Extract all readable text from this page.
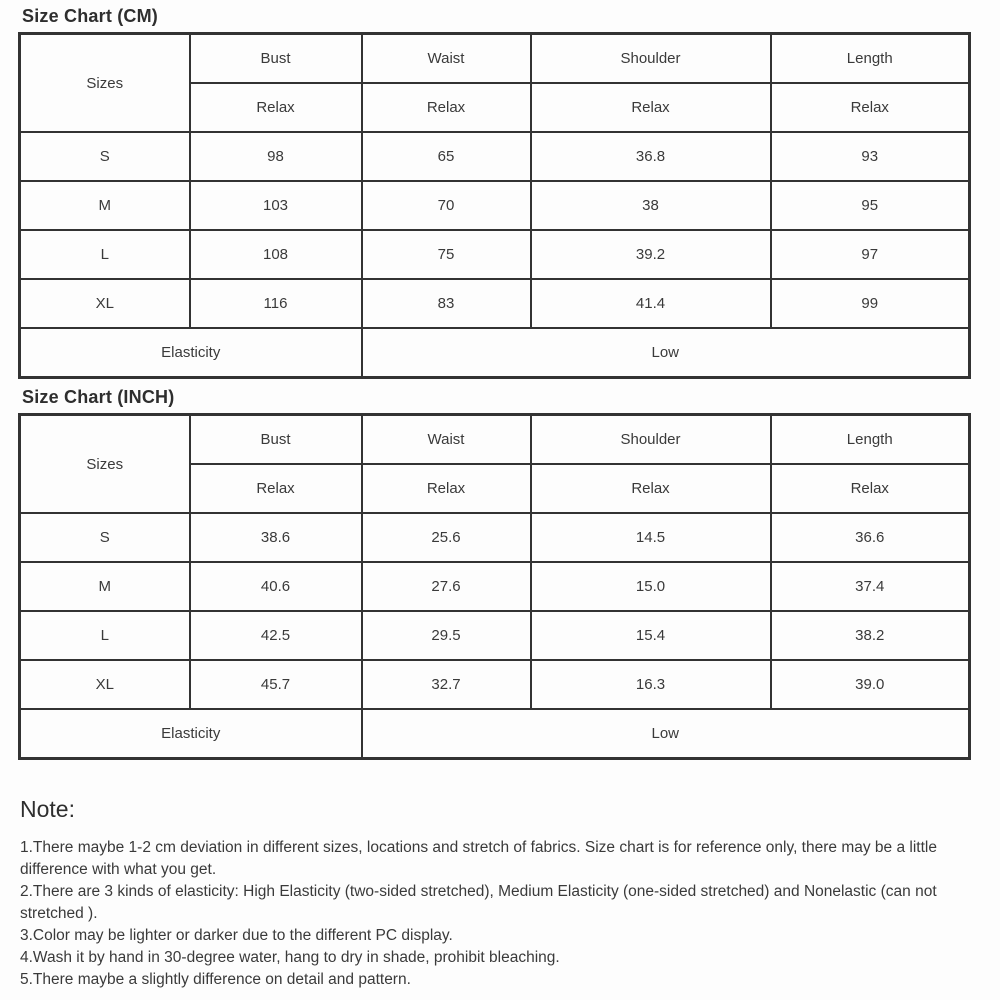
Size Chart (CM)
Sizes	Bust	Waist	Shoulder	Length
	Relax	Relax	Relax	Relax
S	98	65	36.8	93
M	103	70	38	95
L	108	75	39.2	97
XL	116	83	41.4	99
Elasticity		Low		
Size Chart (INCH)
Sizes	Bust	Waist	Shoulder	Length
	Relax	Relax	Relax	Relax
S	38.6	25.6	14.5	36.6
M	40.6	27.6	15.0	37.4
L	42.5	29.5	15.4	38.2
XL	45.7	32.7	16.3	39.0
Elasticity		Low		
Note:

1.There maybe 1-2 cm deviation in different sizes, locations and stretch of fabrics. Size chart is for reference only, there may be a little difference with what you get.

2.There are 3 kinds of elasticity: High Elasticity (two-sided stretched), Medium Elasticity (one-sided stretched) and Nonelastic (can not stretched ).

3.Color may be lighter or darker due to the different PC display.

4.Wash it by hand in 30-degree water, hang to dry in shade, prohibit bleaching.

5.There maybe a slightly difference on detail and pattern.
